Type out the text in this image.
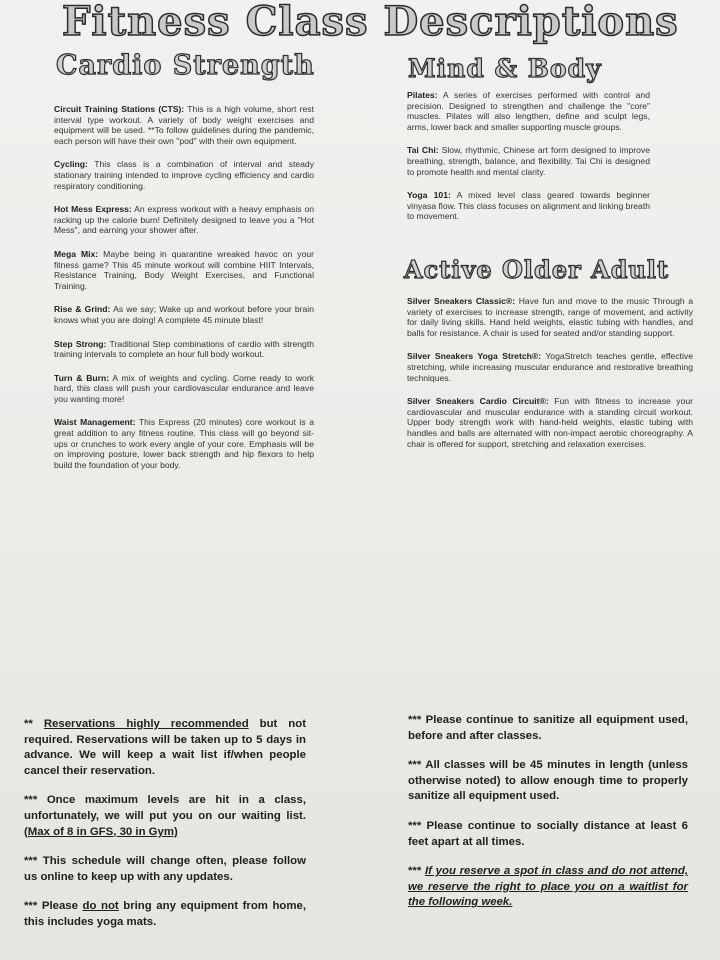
Fitness Class Descriptions
Cardio Strength	Mind & Body
Active Older Adult
Circuit Training Stations (CTS): This is a high volume, short rest interval type workout. A variety of body weight exercises and equipment will be used. **To follow guidelines during the pandemic, each person will have their own "pod" with their own equipment.
Cycling: This class is a combination of interval and steady stationary training intended to improve cycling efficiency and cardio respiratory conditioning.
Hot Mess Express: An express workout with a heavy emphasis on racking up the calorie burn! Definitely designed to leave you a "Hot Mess", and earning your shower after.
Mega Mix: Maybe being in quarantine wreaked havoc on your fitness game? This 45 minute workout will combine HIIT Intervals, Resistance Training, Body Weight Exercises, and Functional Training.
Rise & Grind: As we say; Wake up and workout before your brain knows what you are doing! A complete 45 minute blast!
Step Strong: Traditional Step combinations of cardio with strength training intervals to complete an hour full body workout.
Turn & Burn: A mix of weights and cycling. Come ready to work hard, this class will push your cardiovascular endurance and leave you wanting more!
Waist Management: This Express (20 minutes) core workout is a great addition to any fitness routine. This class will go beyond sit-ups or crunches to work every angle of your core. Emphasis will be on improving posture, lower back strength and hip flexors to help build the foundation of your body.
Pilates: A series of exercises performed with control and precision. Designed to strengthen and challenge the "core" muscles. Pilates will also lengthen, define and sculpt legs, arms, lower back and smaller supporting muscle groups.
Tai Chi: Slow, rhythmic, Chinese art form designed to improve breathing, strength, balance, and flexibility. Tai Chi is designed to promote health and mental clarity.
Yoga 101: A mixed level class geared towards beginner vinyasa flow. This class focuses on alignment and linking breath to movement.
Silver Sneakers Classic®: Have fun and move to the music Through a variety of exercises to increase strength, range of movement, and activity for daily living skills. Hand held weights, elastic tubing with handles, and balls for resistance. A chair is used for seated and/or standing support.
Silver Sneakers Yoga Stretch®: YogaStretch teaches gentle, effective stretching, while increasing muscular endurance and restorative breathing techniques.
Silver Sneakers Cardio Circuit®: Fun with fitness to increase your cardiovascular and muscular endurance with a standing circuit workout. Upper body strength work with hand-held weights, elastic tubing with handles and balls are alternated with non-impact aerobic choreography. A chair is offered for support, stretching and relaxation exercises.
** Reservations highly recommended but not required. Reservations will be taken up to 5 days in advance. We will keep a wait list if/when people cancel their reservation.
*** Once maximum levels are hit in a class, unfortunately, we will put you on our waiting list. (Max of 8 in GFS, 30 in Gym)
*** This schedule will change often, please follow us online to keep up with any updates.
*** Please do not bring any equipment from home, this includes yoga mats.
*** Please continue to sanitize all equipment used, before and after classes.
*** All classes will be 45 minutes in length (unless otherwise noted) to allow enough time to properly sanitize all equipment used.
*** Please continue to socially distance at least 6 feet apart at all times.
*** If you reserve a spot in class and do not attend, we reserve the right to place you on a waitlist for the following week.
